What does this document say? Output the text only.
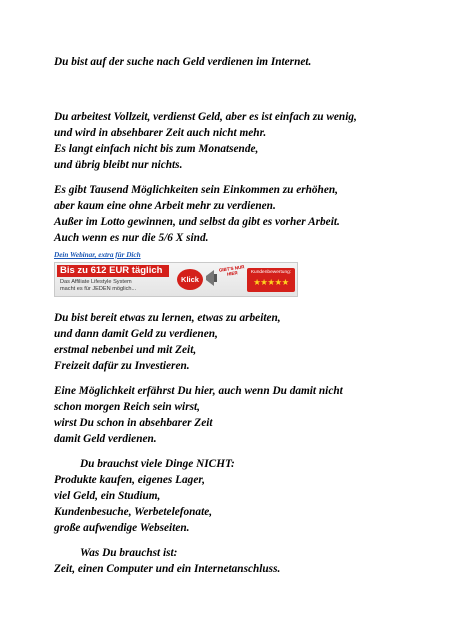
Du bist auf der suche nach Geld verdienen im Internet.
Du arbeitest Vollzeit, verdienst Geld, aber es ist einfach zu wenig,
und wird in absehbarer Zeit auch nicht mehr.
Es langt einfach nicht bis zum Monatsende,
und übrig bleibt nur nichts.
Es gibt Tausend Möglichkeiten sein Einkommen zu erhöhen,
aber kaum eine ohne Arbeit mehr zu verdienen.
Außer im Lotto gewinnen, und selbst da gibt es vorher Arbeit.
Auch wenn es nur die 5/6 X sind.
Dein Webinar, extra für Dich
Bis zu 612 EUR täglich
Das Affiliate Lifestyle System
macht es für JEDEN möglich...
Klick
GIBT'S NUR HIER	Kundenbewertung:
★★★★★
Du bist bereit etwas zu lernen, etwas zu arbeiten,
und dann damit Geld zu verdienen,
erstmal nebenbei und mit Zeit,
Freizeit dafür zu Investieren.
Eine Möglichkeit erfährst Du hier, auch wenn Du damit nicht
schon morgen Reich sein wirst,
wirst Du schon in absehbarer Zeit
damit Geld verdienen.
Du brauchst viele Dinge NICHT:
Produkte kaufen, eigenes Lager,
viel Geld, ein Studium,
Kundenbesuche, Werbetelefonate,
große aufwendige Webseiten.
Was Du brauchst ist:
Zeit, einen Computer und ein Internetanschluss.
